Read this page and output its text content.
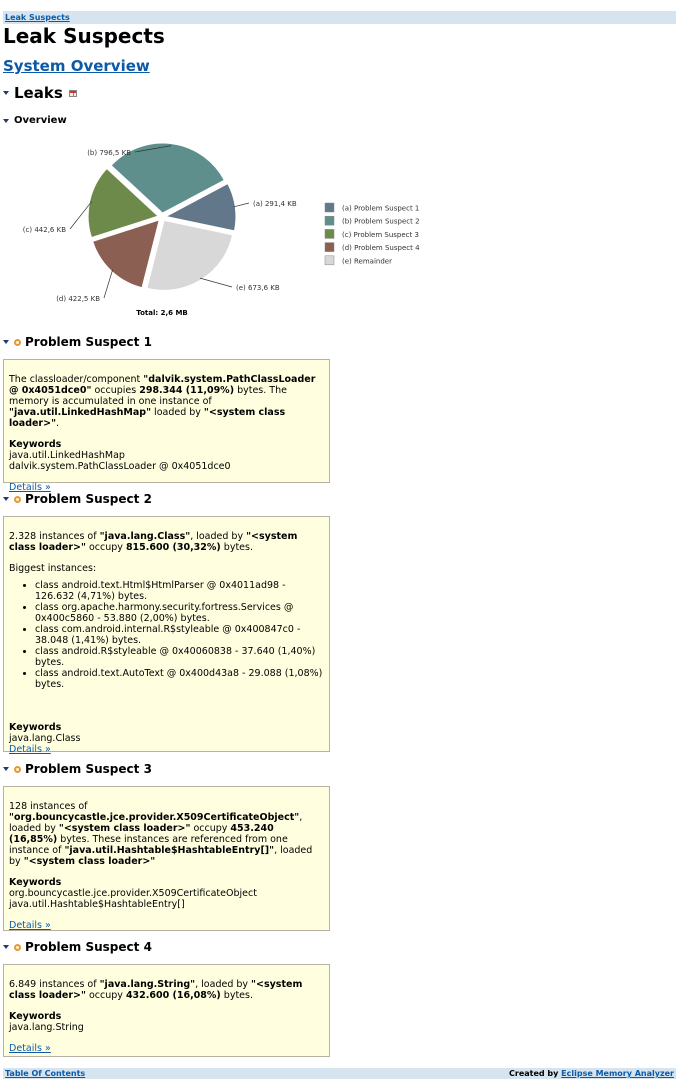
Leak Suspects
Leak Suspects
System Overview
Leaks
Overview
(a) 291,4 KB
(e) 673,6 KB
(d) 422,5 KB
(c) 442,6 KB
(b) 796,5 KB
Total: 2,6 MB
(a) Problem Suspect 1
(b) Problem Suspect 2
(c) Problem Suspect 3
(d) Problem Suspect 4
(e) Remainder
Problem Suspect 1

The classloader/component "dalvik.system.PathClassLoader @ 0x4051dce0" occupies 298.344 (11,09%) bytes. The memory is accumulated in one instance of "java.util.LinkedHashMap" loaded by "<system class loader>".

Keywords
java.util.LinkedHashMap
dalvik.system.PathClassLoader @ 0x4051dce0
Details »
Problem Suspect 2

2.328 instances of "java.lang.Class", loaded by "<system class loader>" occupy 815.600 (30,32%) bytes.

Biggest instances:

• class android.text.Html$HtmlParser @ 0x4011ad98 - 126.632 (4,71%) bytes.
• class org.apache.harmony.security.fortress.Services @ 0x400c5860 - 53.880 (2,00%) bytes.
• class com.android.internal.R$styleable @ 0x400847c0 - 38.048 (1,41%) bytes.
• class android.R$styleable @ 0x40060838 - 37.640 (1,40%) bytes.
• class android.text.AutoText @ 0x400d43a8 - 29.088 (1,08%) bytes.
Keywords
java.lang.Class
Details »
Problem Suspect 3

128 instances of "org.bouncycastle.jce.provider.X509CertificateObject", loaded by "<system class loader>" occupy 453.240 (16,85%) bytes. These instances are referenced from one instance of "java.util.Hashtable$HashtableEntry[]", loaded by "<system class loader>"

Keywords
org.bouncycastle.jce.provider.X509CertificateObject
java.util.Hashtable$HashtableEntry[]
Details »
Problem Suspect 4

6.849 instances of "java.lang.String", loaded by "<system class loader>" occupy 432.600 (16,08%) bytes.

Keywords
java.lang.String
Details »
Table Of Contents	Created by Eclipse Memory Analyzer
